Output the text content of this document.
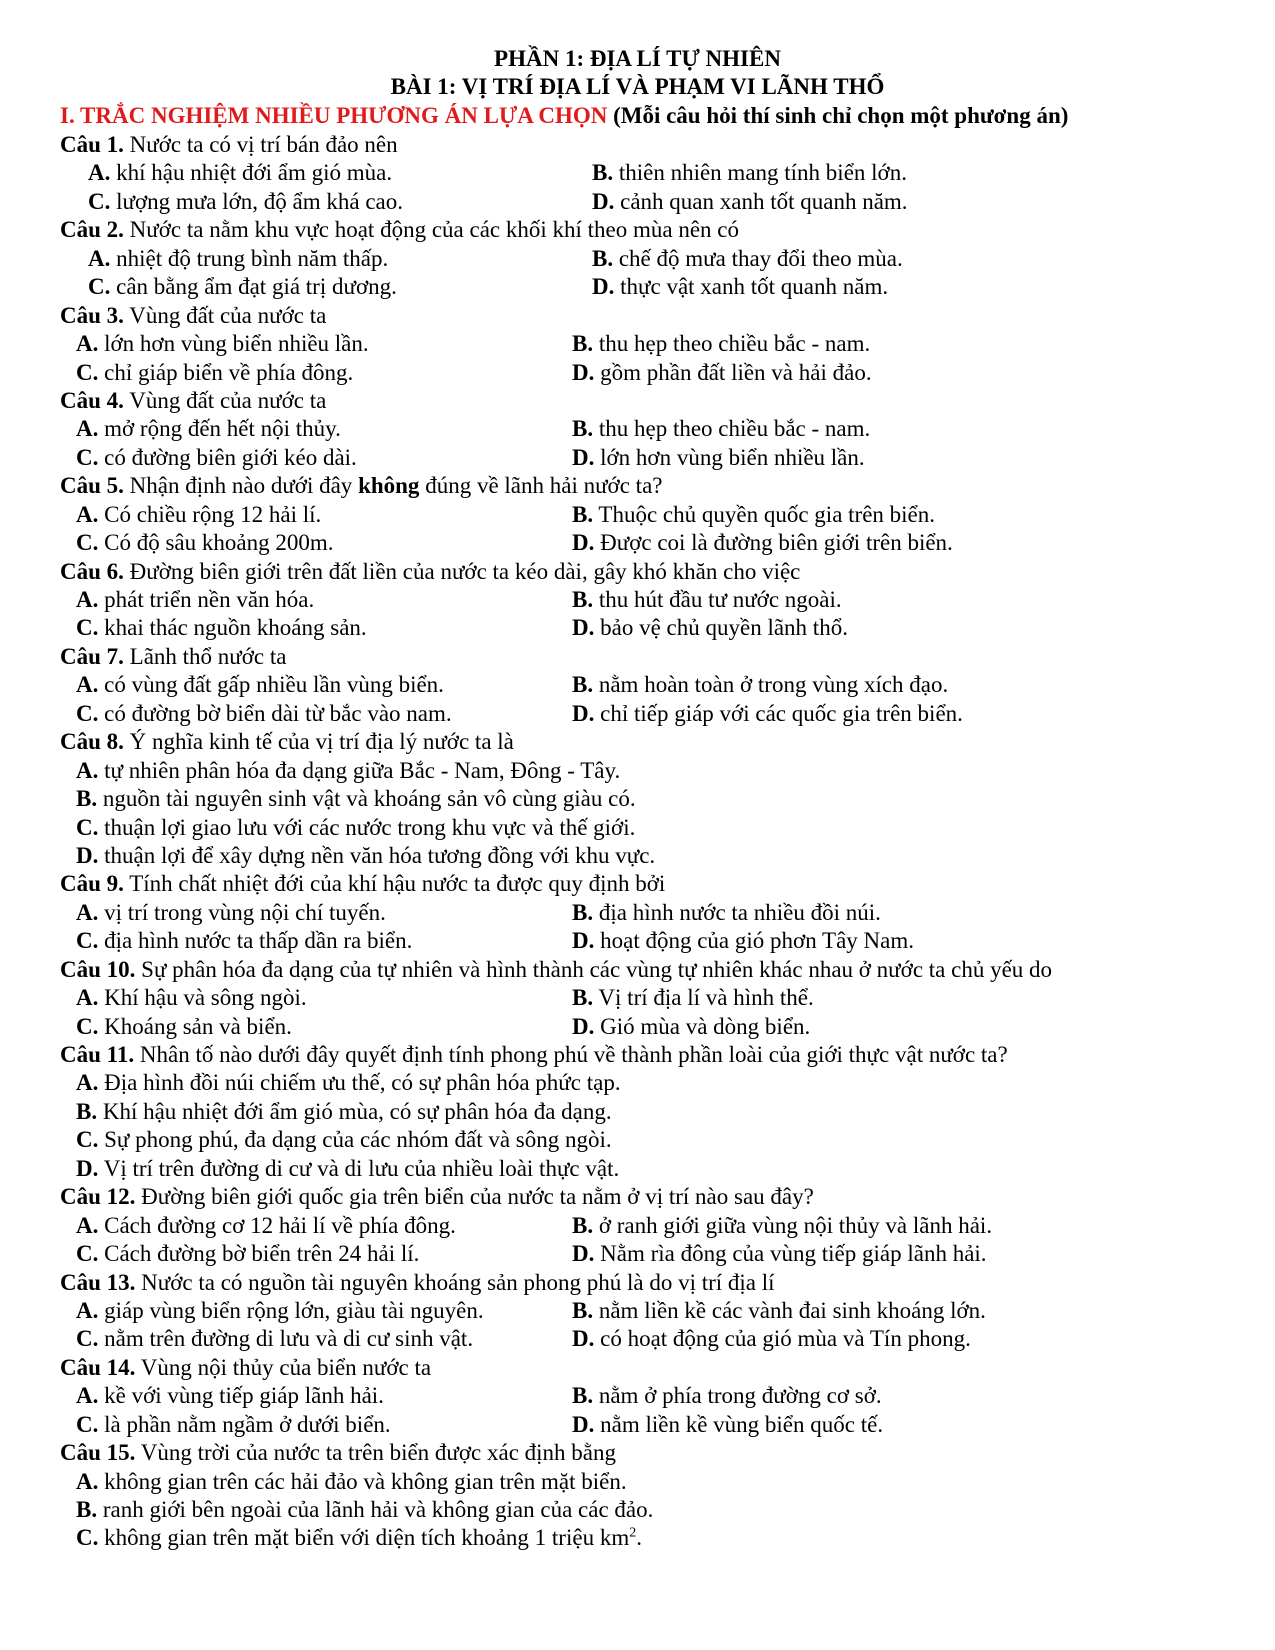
PHẦN 1: ĐỊA LÍ TỰ NHIÊN
BÀI 1: VỊ TRÍ ĐỊA LÍ VÀ PHẠM VI LÃNH THỔ
I. TRẮC NGHIỆM NHIỀU PHƯƠNG ÁN LỰA CHỌN (Mỗi câu hỏi thí sinh chỉ chọn một phương án)
Câu 1. Nước ta có vị trí bán đảo nên
A. khí hậu nhiệt đới ẩm gió mùa.	B. thiên nhiên mang tính biển lớn.
C. lượng mưa lớn, độ ẩm khá cao.	D. cảnh quan xanh tốt quanh năm.
Câu 2. Nước ta nằm khu vực hoạt động của các khối khí theo mùa nên có
A. nhiệt độ trung bình năm thấp.	B. chế độ mưa thay đổi theo mùa.
C. cân bằng ẩm đạt giá trị dương.	D. thực vật xanh tốt quanh năm.
Câu 3. Vùng đất của nước ta
A. lớn hơn vùng biển nhiều lần.	B. thu hẹp theo chiều bắc - nam.
C. chỉ giáp biển về phía đông.	D. gồm phần đất liền và hải đảo.
Câu 4. Vùng đất của nước ta
A. mở rộng đến hết nội thủy.	B. thu hẹp theo chiều bắc - nam.
C. có đường biên giới kéo dài.	D. lớn hơn vùng biển nhiều lần.
Câu 5. Nhận định nào dưới đây không đúng về lãnh hải nước ta?
A. Có chiều rộng 12 hải lí.	B. Thuộc chủ quyền quốc gia trên biển.
C. Có độ sâu khoảng 200m.	D. Được coi là đường biên giới trên biển.
Câu 6. Đường biên giới trên đất liền của nước ta kéo dài, gây khó khăn cho việc
A. phát triển nền văn hóa.	B. thu hút đầu tư nước ngoài.
C. khai thác nguồn khoáng sản.	D. bảo vệ chủ quyền lãnh thổ.
Câu 7. Lãnh thổ nước ta
A. có vùng đất gấp nhiều lần vùng biển.	B. nằm hoàn toàn ở trong vùng xích đạo.
C. có đường bờ biển dài từ bắc vào nam.	D. chỉ tiếp giáp với các quốc gia trên biển.
Câu 8. Ý nghĩa kinh tế của vị trí địa lý nước ta là
A. tự nhiên phân hóa đa dạng giữa Bắc - Nam, Đông - Tây.
B. nguồn tài nguyên sinh vật và khoáng sản vô cùng giàu có.
C. thuận lợi giao lưu với các nước trong khu vực và thế giới.
D. thuận lợi để xây dựng nền văn hóa tương đồng với khu vực.
Câu 9. Tính chất nhiệt đới của khí hậu nước ta được quy định bởi
A. vị trí trong vùng nội chí tuyến.	B. địa hình nước ta nhiều đồi núi.
C. địa hình nước ta thấp dần ra biển.	D. hoạt động của gió phơn Tây Nam.
Câu 10. Sự phân hóa đa dạng của tự nhiên và hình thành các vùng tự nhiên khác nhau ở nước ta chủ yếu do
A. Khí hậu và sông ngòi.	B. Vị trí địa lí và hình thể.
C. Khoáng sản và biển.	D. Gió mùa và dòng biển.
Câu 11. Nhân tố nào dưới đây quyết định tính phong phú về thành phần loài của giới thực vật nước ta?
A. Địa hình đồi núi chiếm ưu thế, có sự phân hóa phức tạp.
B. Khí hậu nhiệt đới ẩm gió mùa, có sự phân hóa đa dạng.
C. Sự phong phú, đa dạng của các nhóm đất và sông ngòi.
D. Vị trí trên đường di cư và di lưu của nhiều loài thực vật.
Câu 12. Đường biên giới quốc gia trên biển của nước ta nằm ở vị trí nào sau đây?
A. Cách đường cơ 12 hải lí về phía đông.	B. ở ranh giới giữa vùng nội thủy và lãnh hải.
C. Cách đường bờ biển trên 24 hải lí.	D. Nằm rìa đông của vùng tiếp giáp lãnh hải.
Câu 13. Nước ta có nguồn tài nguyên khoáng sản phong phú là do vị trí địa lí
A. giáp vùng biển rộng lớn, giàu tài nguyên.	B. nằm liền kề các vành đai sinh khoáng lớn.
C. nằm trên đường di lưu và di cư sinh vật.	D. có hoạt động của gió mùa và Tín phong.
Câu 14. Vùng nội thủy của biển nước ta
A. kề với vùng tiếp giáp lãnh hải.	B. nằm ở phía trong đường cơ sở.
C. là phần nằm ngầm ở dưới biển.	D. nằm liền kề vùng biển quốc tế.
Câu 15. Vùng trời của nước ta trên biển được xác định bằng
A. không gian trên các hải đảo và không gian trên mặt biển.
B. ranh giới bên ngoài của lãnh hải và không gian của các đảo.
C. không gian trên mặt biển với diện tích khoảng 1 triệu $km^2$.
